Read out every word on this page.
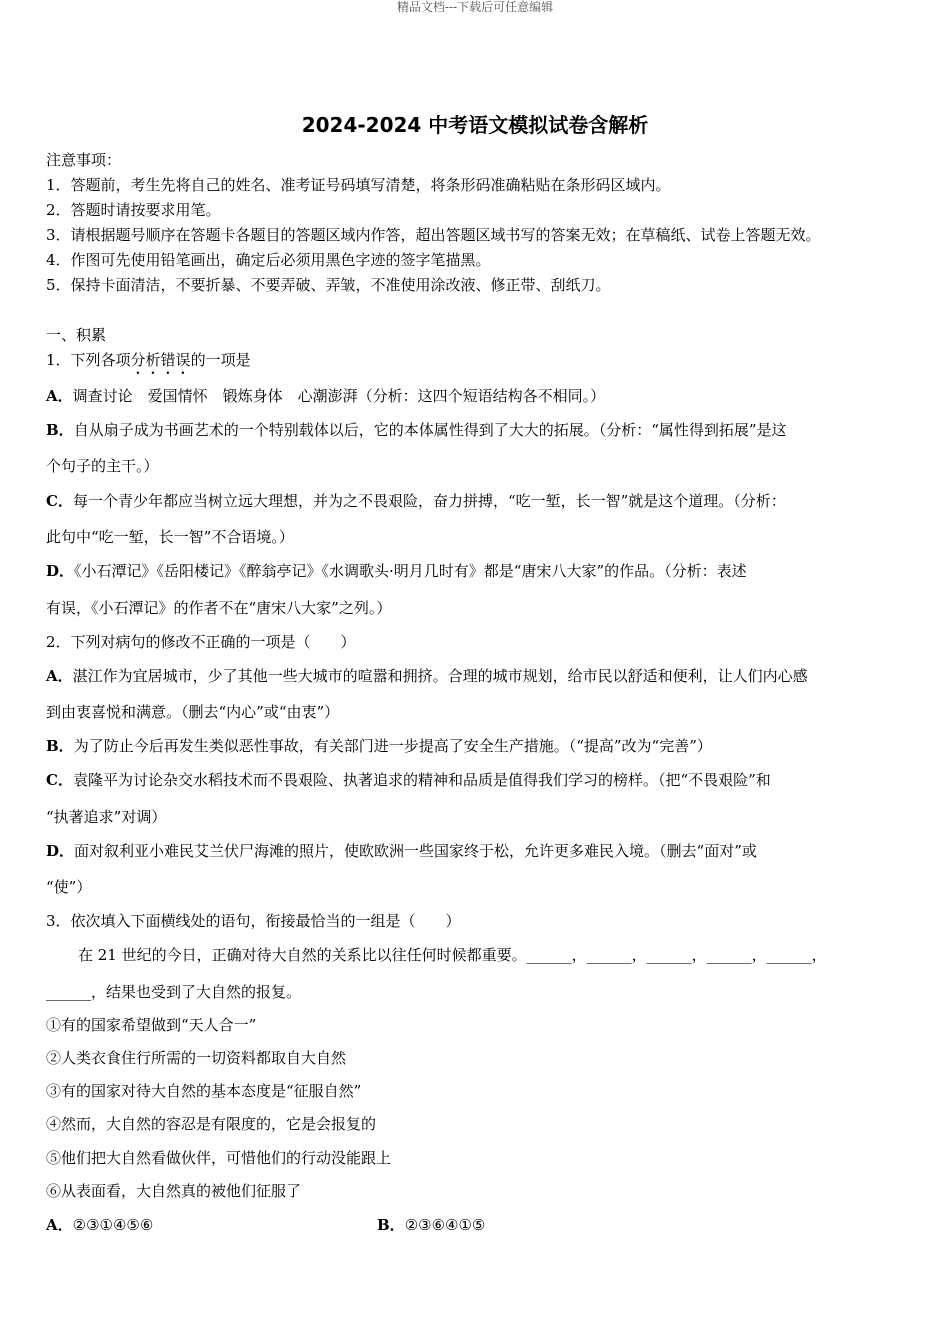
精品文档---下载后可任意编辑
2024-2024 中考语文模拟试卷含解析
注意事项：
1．答题前，考生先将自己的姓名、准考证号码填写清楚，将条形码准确粘贴在条形码区域内。
2．答题时请按要求用笔。
3．请根据题号顺序在答题卡各题目的答题区域内作答，超出答题区域书写的答案无效；在草稿纸、试卷上答题无效。
4．作图可先使用铅笔画出，确定后必须用黑色字迹的签字笔描黑。
5．保持卡面清洁，不要折暴、不要弄破、弄皱，不准使用涂改液、修正带、刮纸刀。
一、积累
1．下列各项分析错误的一项是
A．调查讨论　爱国情怀　锻炼身体　心潮澎湃（分析：这四个短语结构各不相同。）
B．自从扇子成为书画艺术的一个特别载体以后，它的本体属性得到了大大的拓展。（分析：“属性得到拓展”是这
个句子的主干。）
C．每一个青少年都应当树立远大理想，并为之不畏艰险，奋力拼搏，“吃一堑，长一智”就是这个道理。（分析：
此句中“吃一堑，长一智”不合语境。）
D．《小石潭记》《岳阳楼记》《醉翁亭记》《水调歌头·明月几时有》都是“唐宋八大家”的作品。（分析：表述
有误，《小石潭记》的作者不在“唐宋八大家”之列。）
2．下列对病句的修改不正确的一项是（　　）
A．湛江作为宜居城市，少了其他一些大城市的喧嚣和拥挤。合理的城市规划，给市民以舒适和便利，让人们内心感
到由衷喜悦和满意。（删去“内心”或“由衷”）
B．为了防止今后再发生类似恶性事故，有关部门进一步提高了安全生产措施。（“提高”改为“完善”）
C．袁隆平为讨论杂交水稻技术而不畏艰险、执著追求的精神和品质是值得我们学习的榜样。（把“不畏艰险”和
“执著追求”对调）
D．面对叙利亚小难民艾兰伏尸海滩的照片，使欧欧洲一些国家终于松，允许更多难民入境。（删去“面对”或
“使”）
3．依次填入下面横线处的语句，衔接最恰当的一组是（　　）
在 21 世纪的今日，正确对待大自然的关系比以往任何时候都重要。______，______，______，______，______，
______，结果也受到了大自然的报复。
①有的国家希望做到“天人合一”
②人类衣食住行所需的一切资料都取自大自然
③有的国家对待大自然的基本态度是“征服自然”
④然而，大自然的容忍是有限度的，它是会报复的
⑤他们把大自然看做伙伴，可惜他们的行动没能跟上
⑥从表面看，大自然真的被他们征服了
A．②③①④⑤⑥	B．②③⑥④①⑤
